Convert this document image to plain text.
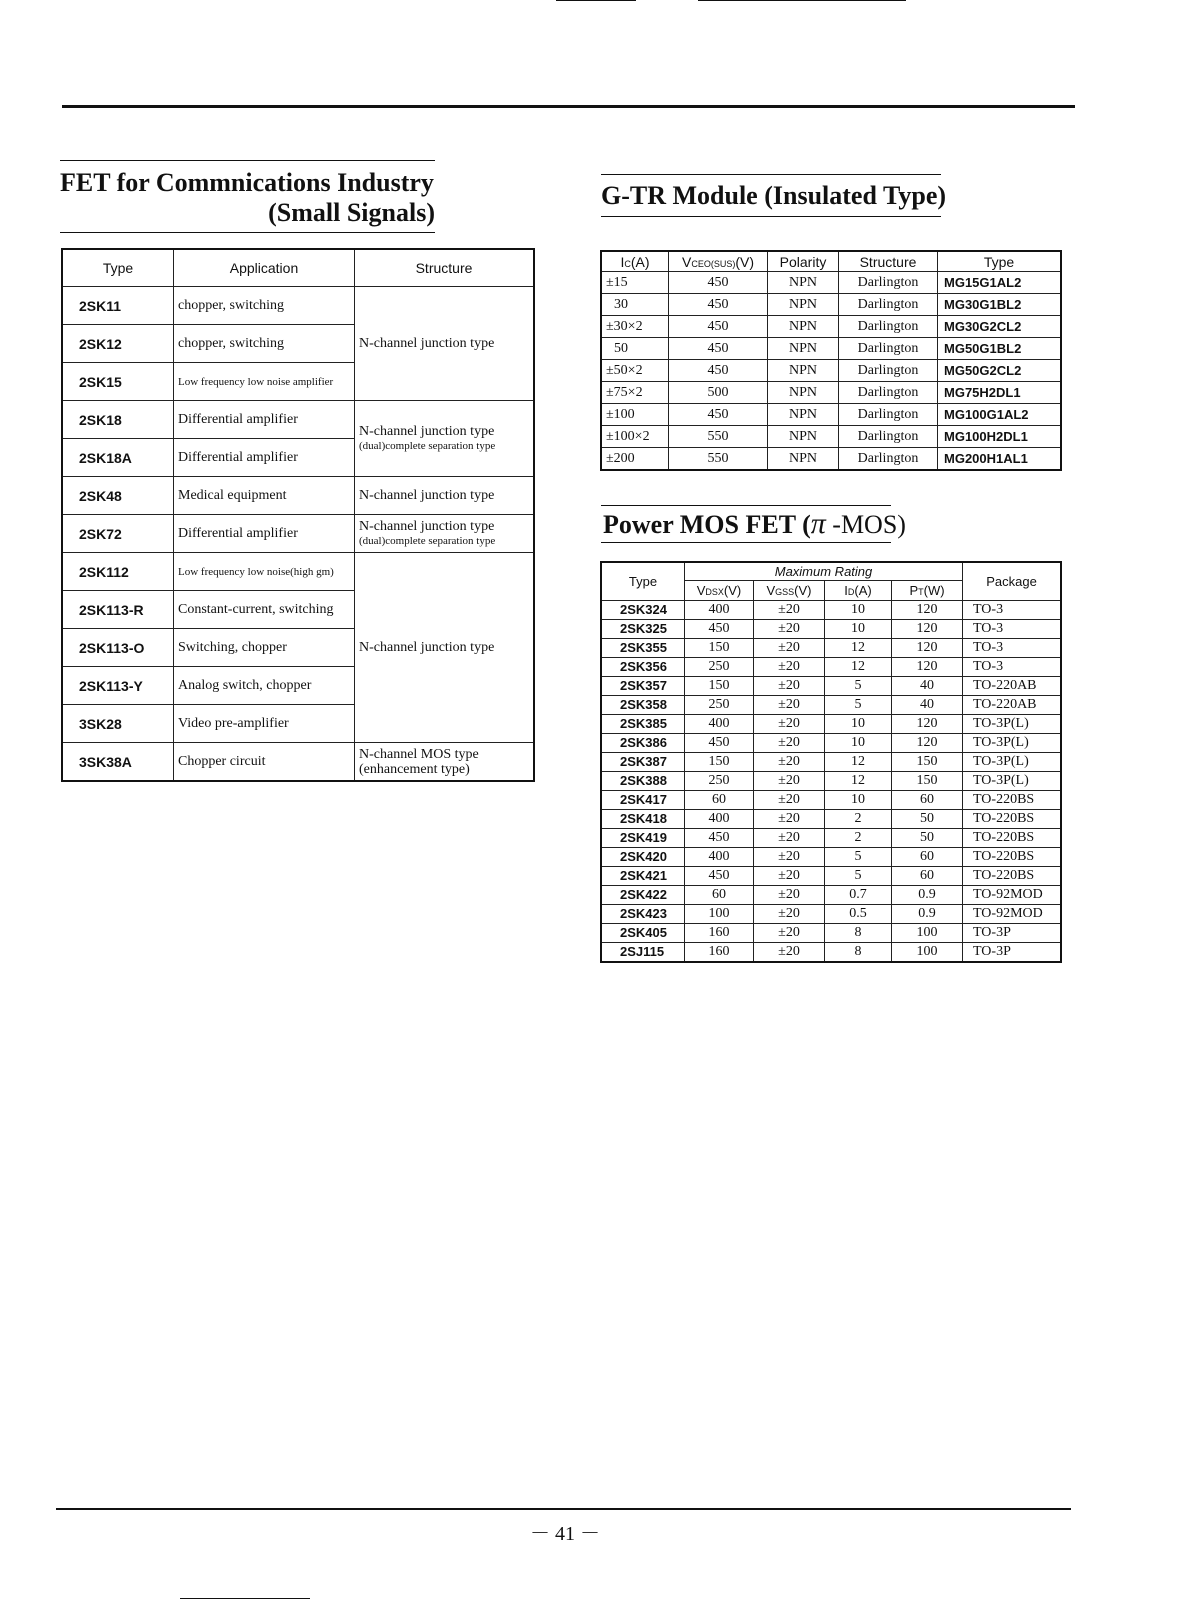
FET for Commnications Industry
(Small Signals)
Type	Application	Structure
2SK11	chopper, switching	N-channel junction type
2SK12	chopper, switching	
2SK15	Low frequency low noise amplifier	
2SK18	Differential amplifier	N-channel junction type
(dual)complete separation type

2SK18A	Differential amplifier	
2SK48	Medical equipment	N-channel junction type
2SK72	Differential amplifier	N-channel junction type
(dual)complete separation type

2SK112	Low frequency low noise(high gm)	N-channel junction type
2SK113-R	Constant-current, switching	
2SK113-O	Switching, chopper	
2SK113-Y	Analog switch, chopper	
3SK28	Video pre-amplifier	
3SK38A	Chopper circuit	N-channel MOS type
(enhancement type)
G-TR Module (Insulated Type)
IC(A)	VCEO(SUS)(V)	Polarity	Structure	Type
±15	450	NPN	Darlington	MG15G1AL2
30	450	NPN	Darlington	MG30G1BL2
±30×2	450	NPN	Darlington	MG30G2CL2
50	450	NPN	Darlington	MG50G1BL2
±50×2	450	NPN	Darlington	MG50G2CL2
±75×2	500	NPN	Darlington	MG75H2DL1
±100	450	NPN	Darlington	MG100G1AL2
±100×2	550	NPN	Darlington	MG100H2DL1
±200	550	NPN	Darlington	MG200H1AL1
Power MOS FET (π -MOS)
Type	Maximum Rating				Package
	VDSX(V)	VGSS(V)	ID(A)	PT(W)	
2SK324	400	±20	10	120	TO-3
2SK325	450	±20	10	120	TO-3
2SK355	150	±20	12	120	TO-3
2SK356	250	±20	12	120	TO-3
2SK357	150	±20	5	40	TO-220AB
2SK358	250	±20	5	40	TO-220AB
2SK385	400	±20	10	120	TO-3P(L)
2SK386	450	±20	10	120	TO-3P(L)
2SK387	150	±20	12	150	TO-3P(L)
2SK388	250	±20	12	150	TO-3P(L)
2SK417	60	±20	10	60	TO-220BS
2SK418	400	±20	2	50	TO-220BS
2SK419	450	±20	2	50	TO-220BS
2SK420	400	±20	5	60	TO-220BS
2SK421	450	±20	5	60	TO-220BS
2SK422	60	±20	0.7	0.9	TO-92MOD
2SK423	100	±20	0.5	0.9	TO-92MOD
2SK405	160	±20	8	100	TO-3P
2SJ115	160	±20	8	100	TO-3P
－ 41 －
